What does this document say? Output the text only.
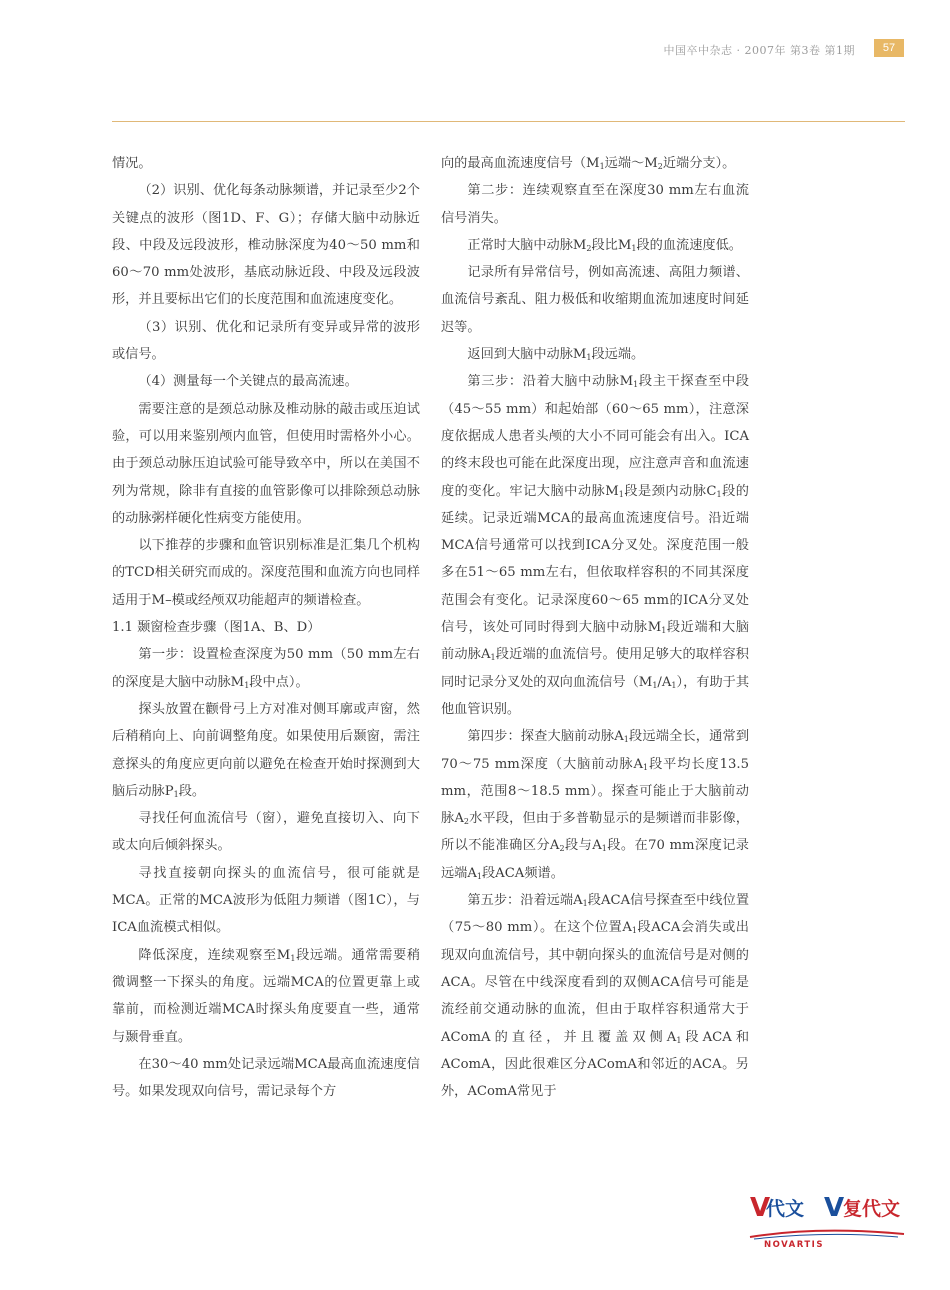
中国卒中杂志 · 2007年 第3卷 第1期	57

情况。

（2）识别、优化每条动脉频谱，并记录至少2个关键点的波形（图1D、F、G）；存储大脑中动脉近段、中段及远段波形，椎动脉深度为40～50 mm和60～70 mm处波形，基底动脉近段、中段及远段波形，并且要标出它们的长度范围和血流速度变化。

（3）识别、优化和记录所有变异或异常的波形或信号。

（4）测量每一个关键点的最高流速。

需要注意的是颈总动脉及椎动脉的敲击或压迫试验，可以用来鉴别颅内血管，但使用时需格外小心。由于颈总动脉压迫试验可能导致卒中，所以在美国不列为常规，除非有直接的血管影像可以排除颈总动脉的动脉粥样硬化性病变方能使用。

以下推荐的步骤和血管识别标准是汇集几个机构的TCD相关研究而成的。深度范围和血流方向也同样适用于M–模或经颅双功能超声的频谱检查。

1.1 颞窗检查步骤（图1A、B、D）

第一步：设置检查深度为50 mm（50 mm左右的深度是大脑中动脉$M_1$段中点）。

探头放置在颧骨弓上方对准对侧耳廓或声窗，然后稍稍向上、向前调整角度。如果使用后颞窗，需注意探头的角度应更向前以避免在检查开始时探测到大脑后动脉$P_1$段。

寻找任何血流信号（窗），避免直接切入、向下或太向后倾斜探头。

寻找直接朝向探头的血流信号，很可能就是MCA。正常的MCA波形为低阻力频谱（图1C），与ICA血流模式相似。

降低深度，连续观察至$M_1$段远端。通常需要稍微调整一下探头的角度。远端MCA的位置更靠上或靠前，而检测近端MCA时探头角度要直一些，通常与颞骨垂直。

在30～40 mm处记录远端MCA最高血流速度信号。如果发现双向信号，需记录每个方

向的最高血流速度信号（$M_1$远端$\sim M_2$近端分支）。

第二步：连续观察直至在深度30 mm左右血流信号消失。

正常时大脑中动脉$M_2$段比$M_1$段的血流速度低。

记录所有异常信号，例如高流速、高阻力频谱、血流信号紊乱、阻力极低和收缩期血流加速度时间延迟等。

返回到大脑中动脉$M_1$段远端。

第三步：沿着大脑中动脉$M_1$段主干探查至中段（45～55 mm）和起始部（60～65 mm），注意深度依据成人患者头颅的大小不同可能会有出入。ICA的终末段也可能在此深度出现，应注意声音和血流速度的变化。牢记大脑中动脉$M_1$段是颈内动脉$C_1$段的延续。记录近端MCA的最高血流速度信号。沿近端MCA信号通常可以找到ICA分叉处。深度范围一般多在51～65 mm左右，但依取样容积的不同其深度范围会有变化。记录深度60～65 mm的ICA分叉处信号，该处可同时得到大脑中动脉$M_1$段近端和大脑前动脉$A_1$段近端的血流信号。使用足够大的取样容积同时记录分叉处的双向血流信号$(M_1/A_1)$，有助于其他血管识别。

第四步：探查大脑前动脉$A_1$段远端全长，通常到70～75 mm深度（大脑前动脉$A_1$段平均长度13.5 mm，范围8～18.5 mm）。探查可能止于大脑前动脉$A_2$水平段，但由于多普勒显示的是频谱而非影像，所以不能准确区分$A_2$段与$A_1$段。在70 mm深度记录远端$A_1$段ACA频谱。

第五步：沿着远端$A_1$段ACA信号探查至中线位置（75～80 mm）。在这个位置$A_1$段ACA会消失或出现双向血流信号，其中朝向探头的血流信号是对侧的ACA。尽管在中线深度看到的双侧ACA信号可能是流经前交通动脉的血流，但由于取样容积通常大于AComA的直径，并且覆盖双侧$A_1$段ACA和AComA，因此很难区分AComA和邻近的ACA。另外，AComA常见于

V
代文 V
复代文
NOVARTIS
